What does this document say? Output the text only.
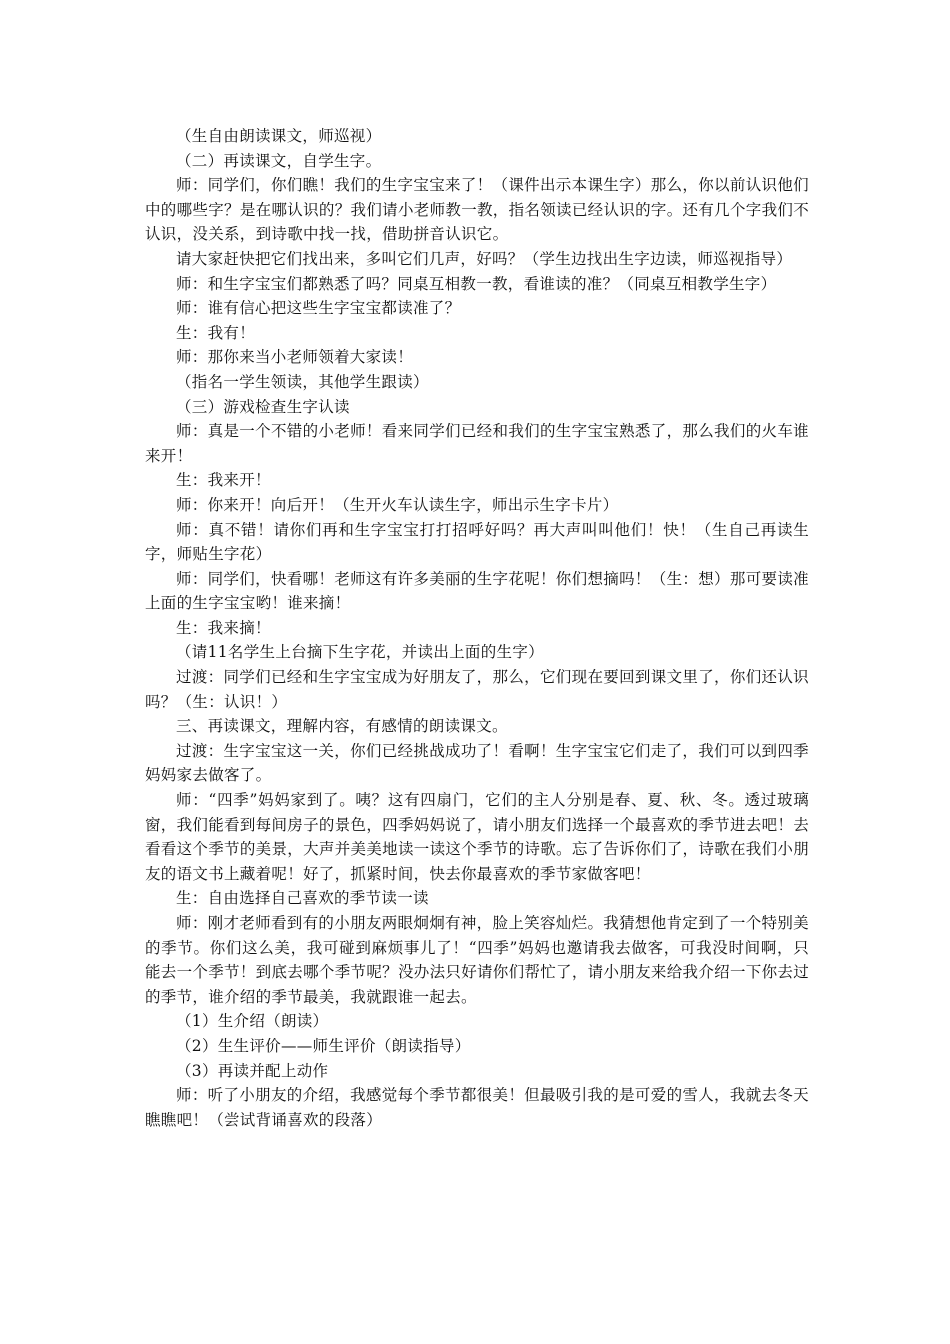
（生自由朗读课文，师巡视）

（二）再读课文，自学生字。

师：同学们，你们瞧！我们的生字宝宝来了！（课件出示本课生字）那么，你以前认识他们中的哪些字？是在哪认识的？我们请小老师教一教，指名领读已经认识的字。还有几个字我们不认识，没关系，到诗歌中找一找，借助拼音认识它。

请大家赶快把它们找出来，多叫它们几声，好吗？（学生边找出生字边读，师巡视指导）

师：和生字宝宝们都熟悉了吗？同桌互相教一教，看谁读的准？（同桌互相教学生字）

师：谁有信心把这些生字宝宝都读准了？

生：我有！

师：那你来当小老师领着大家读！

（指名一学生领读，其他学生跟读）

（三）游戏检查生字认读

师：真是一个不错的小老师！看来同学们已经和我们的生字宝宝熟悉了，那么我们的火车谁来开！

生：我来开！

师：你来开！向后开！（生开火车认读生字，师出示生字卡片）

师：真不错！请你们再和生字宝宝打打招呼好吗？再大声叫叫他们！快！（生自己再读生字，师贴生字花）

师：同学们，快看哪！老师这有许多美丽的生字花呢！你们想摘吗！（生：想）那可要读准上面的生字宝宝哟！谁来摘！

生：我来摘！

（请11名学生上台摘下生字花，并读出上面的生字）

过渡：同学们已经和生字宝宝成为好朋友了，那么，它们现在要回到课文里了，你们还认识吗？（生：认识！）

三、再读课文，理解内容，有感情的朗读课文。

过渡：生字宝宝这一关，你们已经挑战成功了！看啊！生字宝宝它们走了，我们可以到四季妈妈家去做客了。

师：“四季”妈妈家到了。咦？这有四扇门，它们的主人分别是春、夏、秋、冬。透过玻璃窗，我们能看到每间房子的景色，四季妈妈说了，请小朋友们选择一个最喜欢的季节进去吧！去看看这个季节的美景，大声并美美地读一读这个季节的诗歌。忘了告诉你们了，诗歌在我们小朋友的语文书上藏着呢！好了，抓紧时间，快去你最喜欢的季节家做客吧！

生：自由选择自己喜欢的季节读一读

师：刚才老师看到有的小朋友两眼炯炯有神，脸上笑容灿烂。我猜想他肯定到了一个特别美的季节。你们这么美，我可碰到麻烦事儿了！“四季”妈妈也邀请我去做客，可我没时间啊，只能去一个季节！到底去哪个季节呢？没办法只好请你们帮忙了，请小朋友来给我介绍一下你去过的季节，谁介绍的季节最美，我就跟谁一起去。

（1）生介绍（朗读）

（2）生生评价——师生评价（朗读指导）

（3）再读并配上动作

师：听了小朋友的介绍，我感觉每个季节都很美！但最吸引我的是可爱的雪人，我就去冬天瞧瞧吧！（尝试背诵喜欢的段落）
